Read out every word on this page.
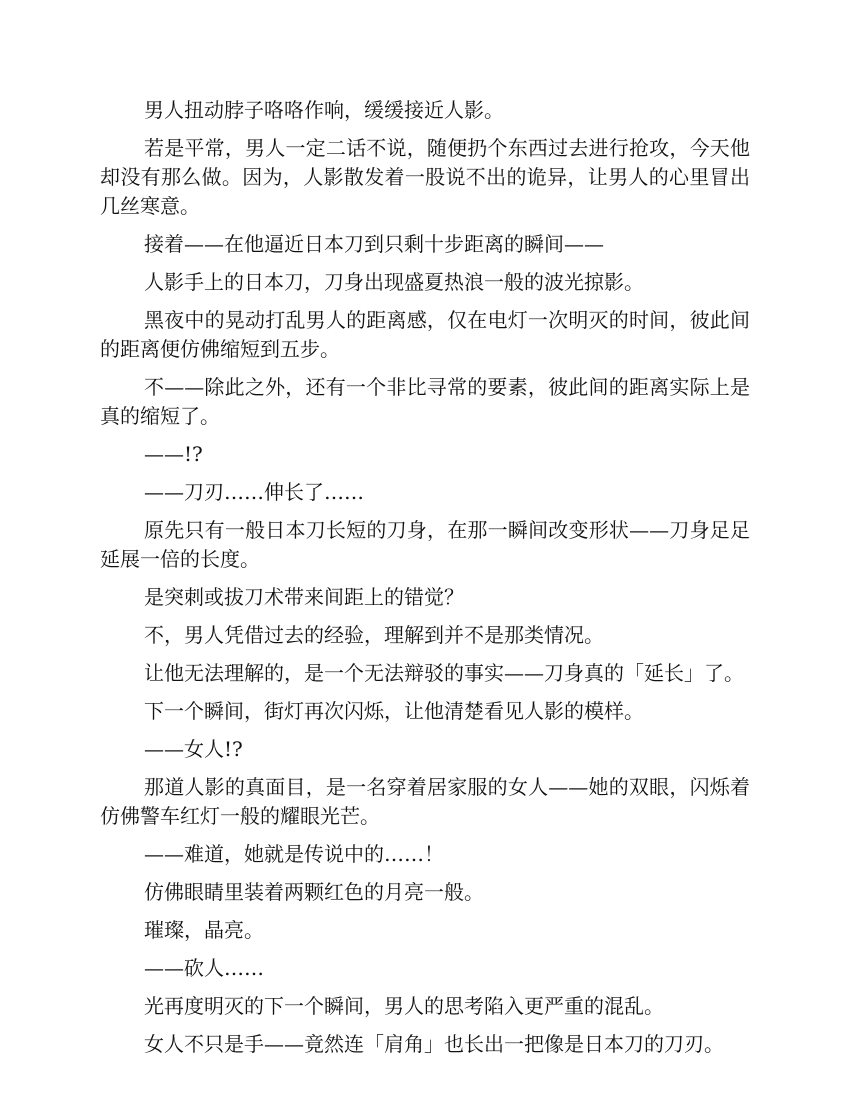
男人扭动脖子咯咯作响，缓缓接近人影。

若是平常，男人一定二话不说，随便扔个东西过去进行抢攻，今天他却没有那么做。因为，人影散发着一股说不出的诡异，让男人的心里冒出几丝寒意。

接着——在他逼近日本刀到只剩十步距离的瞬间——

人影手上的日本刀，刀身出现盛夏热浪一般的波光掠影。

黑夜中的晃动打乱男人的距离感，仅在电灯一次明灭的时间，彼此间的距离便仿佛缩短到五步。

不——除此之外，还有一个非比寻常的要素，彼此间的距离实际上是真的缩短了。

——!?

——刀刃……伸长了……

原先只有一般日本刀长短的刀身，在那一瞬间改变形状——刀身足足延展一倍的长度。

是突刺或拔刀术带来间距上的错觉？

不，男人凭借过去的经验，理解到并不是那类情况。

让他无法理解的，是一个无法辩驳的事实——刀身真的「延长」了。

下一个瞬间，街灯再次闪烁，让他清楚看见人影的模样。

——女人!?

那道人影的真面目，是一名穿着居家服的女人——她的双眼，闪烁着仿佛警车红灯一般的耀眼光芒。

——难道，她就是传说中的……！

仿佛眼睛里装着两颗红色的月亮一般。

璀璨，晶亮。

——砍人……

光再度明灭的下一个瞬间，男人的思考陷入更严重的混乱。

女人不只是手——竟然连「肩角」也长出一把像是日本刀的刀刃。
